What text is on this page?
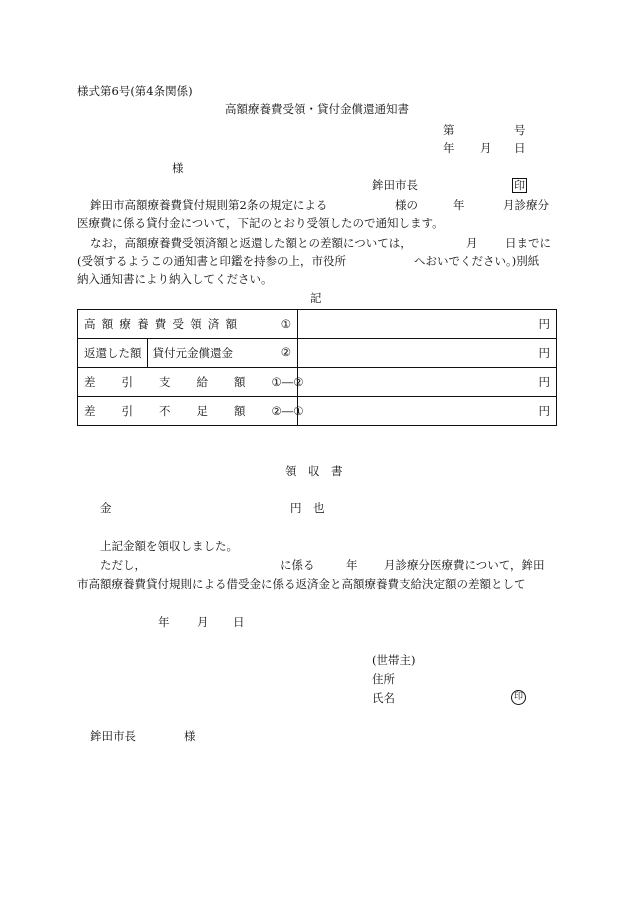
様式第6号(第4条関係)
高額療養費受領・貸付金償還通知書
第	号
年 月 日
様
鉾田市長	印
鉾田市高額療養費貸付規則第2条の規定による	様の	年	月診療分
医療費に係る貸付金について，下記のとおり受領したので通知します。
なお，高額療養費受領済額と返還した額との差額については，	月 日までに
(受領するようこの通知書と印鑑を持参の上，市役所	へおいでください。)別紙
納入通知書により納入してください。
記
高額療養費受領済額 ①	円

返還した額 貸付元金償還金 ②	円

差引支給額 ①―②	円

差引不足額 ②―①	円
領　収　書
金	円　也
上記金額を領収しました。
ただし，	に係る	年 月診療分医療費について，鉾田
市高額療養費貸付規則による借受金に係る返済金と高額療養費支給決定額の差額として
年 月 日
(世帯主)
住所
氏名	印
鉾田市長	様
